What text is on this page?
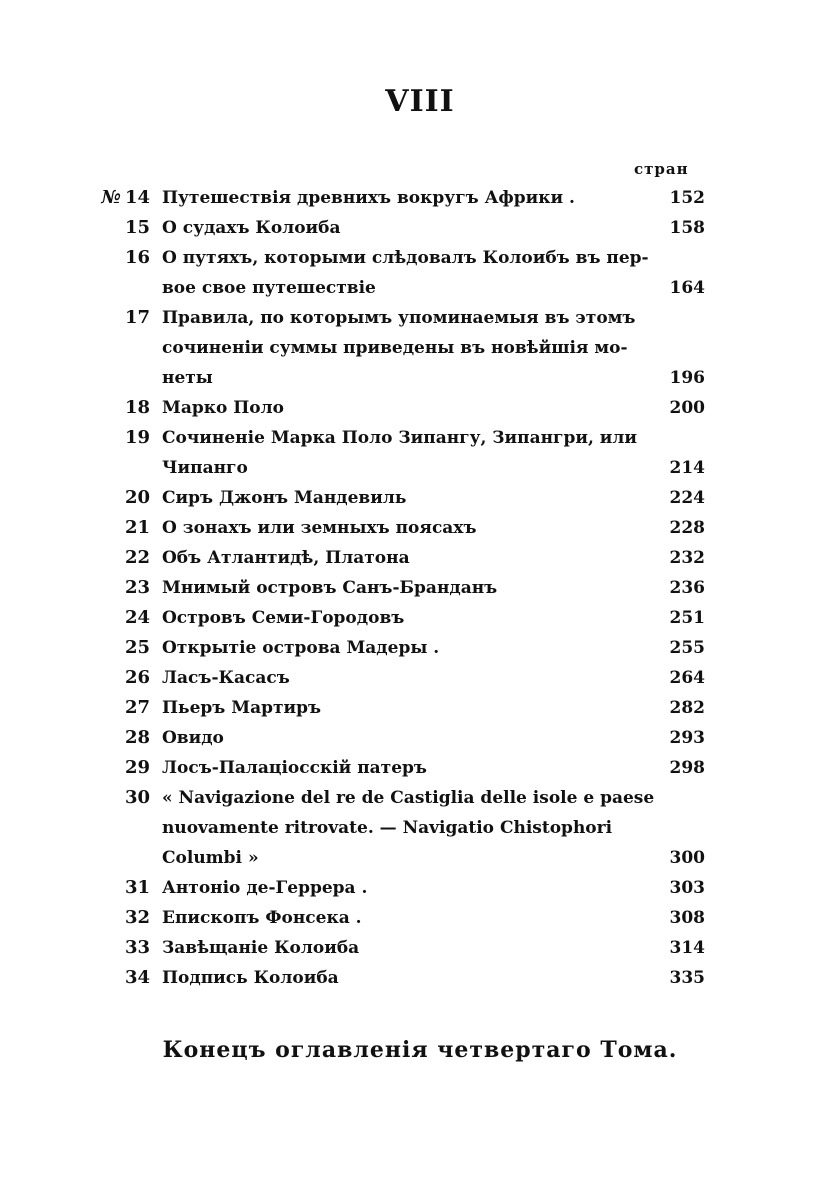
VIII
стран
№ 14 Путешествія древнихъ вокругъ Африки .	152
15 О судахъ Колоиба	158
16 О путяхъ, которыми слѣдовалъ Колоибъ въ пер-
вое свое путешествіе	164
17 Правила, по которымъ упоминаемыя въ этомъ
сочиненіи суммы приведены въ новѣйшія мо-
неты	196
18 Марко Поло	200
19 Сочиненіе Марка Поло Зипангу, Зипангри, или
Чипанго	214
20 Сиръ Джонъ Мандевиль	224
21 О зонахъ или земныхъ поясахъ	228
22 Объ Атлантидѣ, Платона	232
23 Мнимый островъ Санъ-Бранданъ	236
24 Островъ Семи-Городовъ	251
25 Открытіе острова Мадеры .	255
26 Ласъ-Касасъ	264
27 Пьеръ Мартиръ	282
28 Овидо	293
29 Лосъ-Палаціосскій патеръ	298
30 « Navigazione del re de Castiglia delle isole e paese
nuovamente ritrovate. — Navigatio Chistophori
Columbi »	300
31 Антоніо де-Геррера .	303
32 Епископъ Фонсека .	308
33 Завѣщаніе Колоиба	314
34 Подпись Колоиба	335
Конецъ оглавленія четвертаго Тома.
